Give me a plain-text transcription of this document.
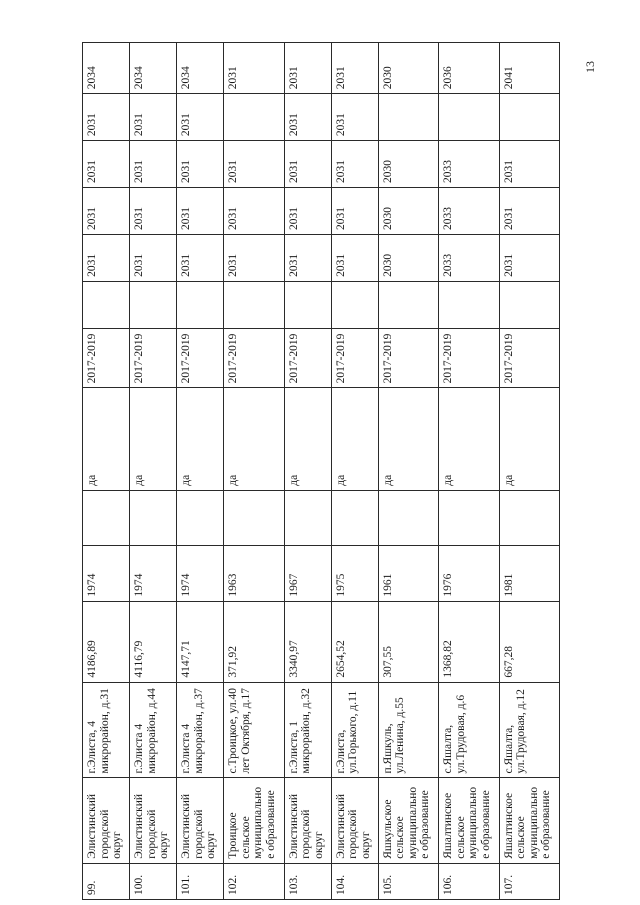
13
99.	Элистинский городской округ	г.Элиста, 4 микрорайон, д.31	4186,89	1974		да	2017-2019		2031	2031	2031	2031	2034
100.	Элистинский городской округ	г.Элиста 4 микрорайон, д.44	4116,79	1974		да	2017-2019		2031	2031	2031	2031	2034
101.	Элистинский городской округ	г.Элиста 4 микрорайон, д.37	4147,71	1974		да	2017-2019		2031	2031	2031	2031	2034
102.	Троицкое сельское муниципальное образование	с.Троицкое, ул.40 лет Октября, д.17	371,92	1963		да	2017-2019		2031	2031	2031		2031
103.	Элистинский городской округ	г.Элиста, 1 микрорайон, д.32	3340,97	1967		да	2017-2019		2031	2031	2031	2031	2031
104.	Элистинский городской округ	г.Элиста, ул.Горького, д.11	2654,52	1975		да	2017-2019		2031	2031	2031	2031	2031
105.	Яшкульское сельское муниципальное образование	п.Яшкуль, ул.Ленина, д.55	307,55	1961		да	2017-2019		2030	2030	2030		2030
106.	Яшалтинское сельское муниципальное образование	с.Яшалта, ул.Трудовая, д.6	1368,82	1976		да	2017-2019		2033	2033	2033		2036
107.	Яшалтинское сельское муниципальное образование	с.Яшалта, ул.Трудовая, д.12	667,28	1981		да	2017-2019		2031	2031	2031		2041
